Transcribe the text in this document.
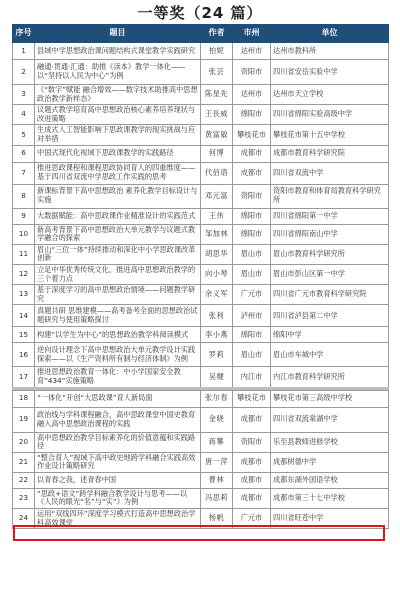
一等奖（24 篇）
序号	题目	作者	市州	单位
1	县域中学思想政治课问题结构式课堂教学实践研究	柏妮	达州市	达州市教科所
2	融通·贯通·汇通：助推《读本》教学一体化——以“坚持以人民为中心”为例	张芸	资阳市	四川省安岳实验中学
3	《“数字”赋能 融合增效——数字技术助推高中思想政治教学新样态》	陈星先	达州市	达州市天立学校
4	议题式教学培育高中思想政治核心素养培养现状与改进策略	王長威	绵阳市	四川省绵阳实验高级中学
5	生成式人工智能影响下思政课教学的现实挑战与应对举措	黄富敏	攀枝花市	攀枝花市第十五中学校
6	中国式现代化视域下思政课教学的实践路径	何博	成都市	成都市教育科学研究院
7	推进思政课程和课程思政协同育人的四重维度——基于四川省双流中学思政工作实践的思考	代佰谘	成都市	四川省双流中学
8	新课标背景下高中思想政治 素养化教学目标设计与实施	邓元富	资阳市	资阳市教育和体育局教育科学研究所
9	大数据赋能：高中思政课作业精准设计的实践范式	王伟	绵阳市	四川省绵阳第一中学
10	新高考背景下高中思想政治大单元教学与议题式教学融合的探索	邹加林	绵阳市	四川省绵阳南山中学
11	眉山“三位一体”持续推动和深化中小学思政课改革创新	胡思华	眉山市	眉山市教育科学研究所
12	立足中华优秀传统文化，推进高中思想政治教学的三个着力点	向小琴	眉山市	眉山市彭山区第一中学
13	基于深度学习的高中思想政治情境——问题教学研究	余义军	广元市	四川省广元市教育科学研究院
14	真题共研 思维建模——高考备考全面的思想政治试题研究与使用策略探讨	张利	泸州市	四川省泸县第二中学
15	构建“以学生为中心”的思想政治教学科阅读模式	李小燕	绵阳市	绵阳中学
16	逆向设计理念下高中思想政治大单元教学设计实践探索——以《生产资料所有制与经济体制》为例	罗莉	眉山市	眉山市车城中学
17	推进思想政治教育一体化：中小学国家安全教育“434”实施策略	吴楗	内江市	内江市教育科学研究所

18	“一体化”开创“大思政课”育人新局面	张尔春	攀枝花市	攀枝花市第三高级中学校
19	政治线与学科课程融合，高中思政课堂中国史教育融入高中思想政治课程的实践	金晓	成都市	四川省双流棠湖中学
20	高中思想政治教学目标素养化的价值意蕴和实践路径	蒋攀	资阳市	乐至县教师进修学校
21	“整合育人”视域下高中政史地跨学科融合实践高效作业设计策略研究	唐一萍	成都市	成都树德中学
22	以青春之我，述青春中国	曹林	成都市	成都东湖外国语学校
23	“思政+语文”跨学科融合教学设计与思考——以《人民的眼光“名”与“实”》为例	冯思莉	成都市	成都市第三十七中学校
24	运用“双线四环”深度学习模式打造高中思想政治学科高效课堂	杨帆	广元市	四川省旺苍中学
